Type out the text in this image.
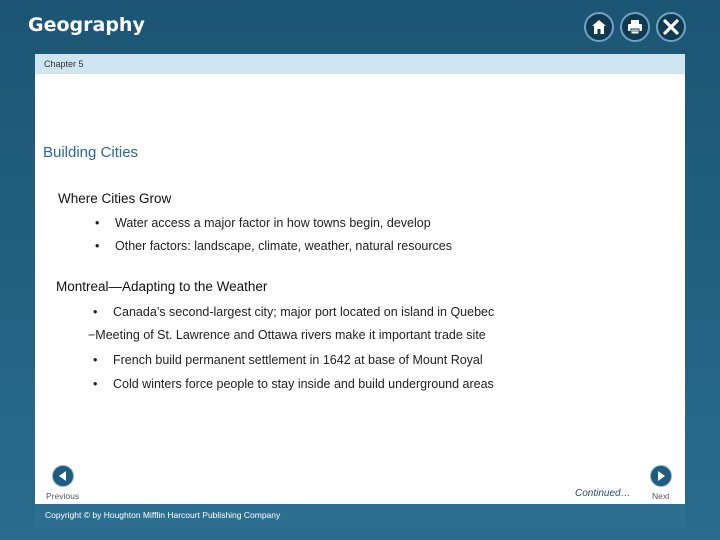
Geography
Chapter 5
Building Cities
Where Cities Grow
• Water access a major factor in how towns begin, develop
• Other factors: landscape, climate, weather, natural resources
Montreal—Adapting to the Weather
• Canada’s second-largest city; major port located on island in Quebec
−Meeting of St. Lawrence and Ottawa rivers make it important trade site
• French build permanent settlement in 1642 at base of Mount Royal
• Cold winters force people to stay inside and build underground areas
Previous	Continued…	Next
Copyright © by Houghton Mifflin Harcourt Publishing Company
